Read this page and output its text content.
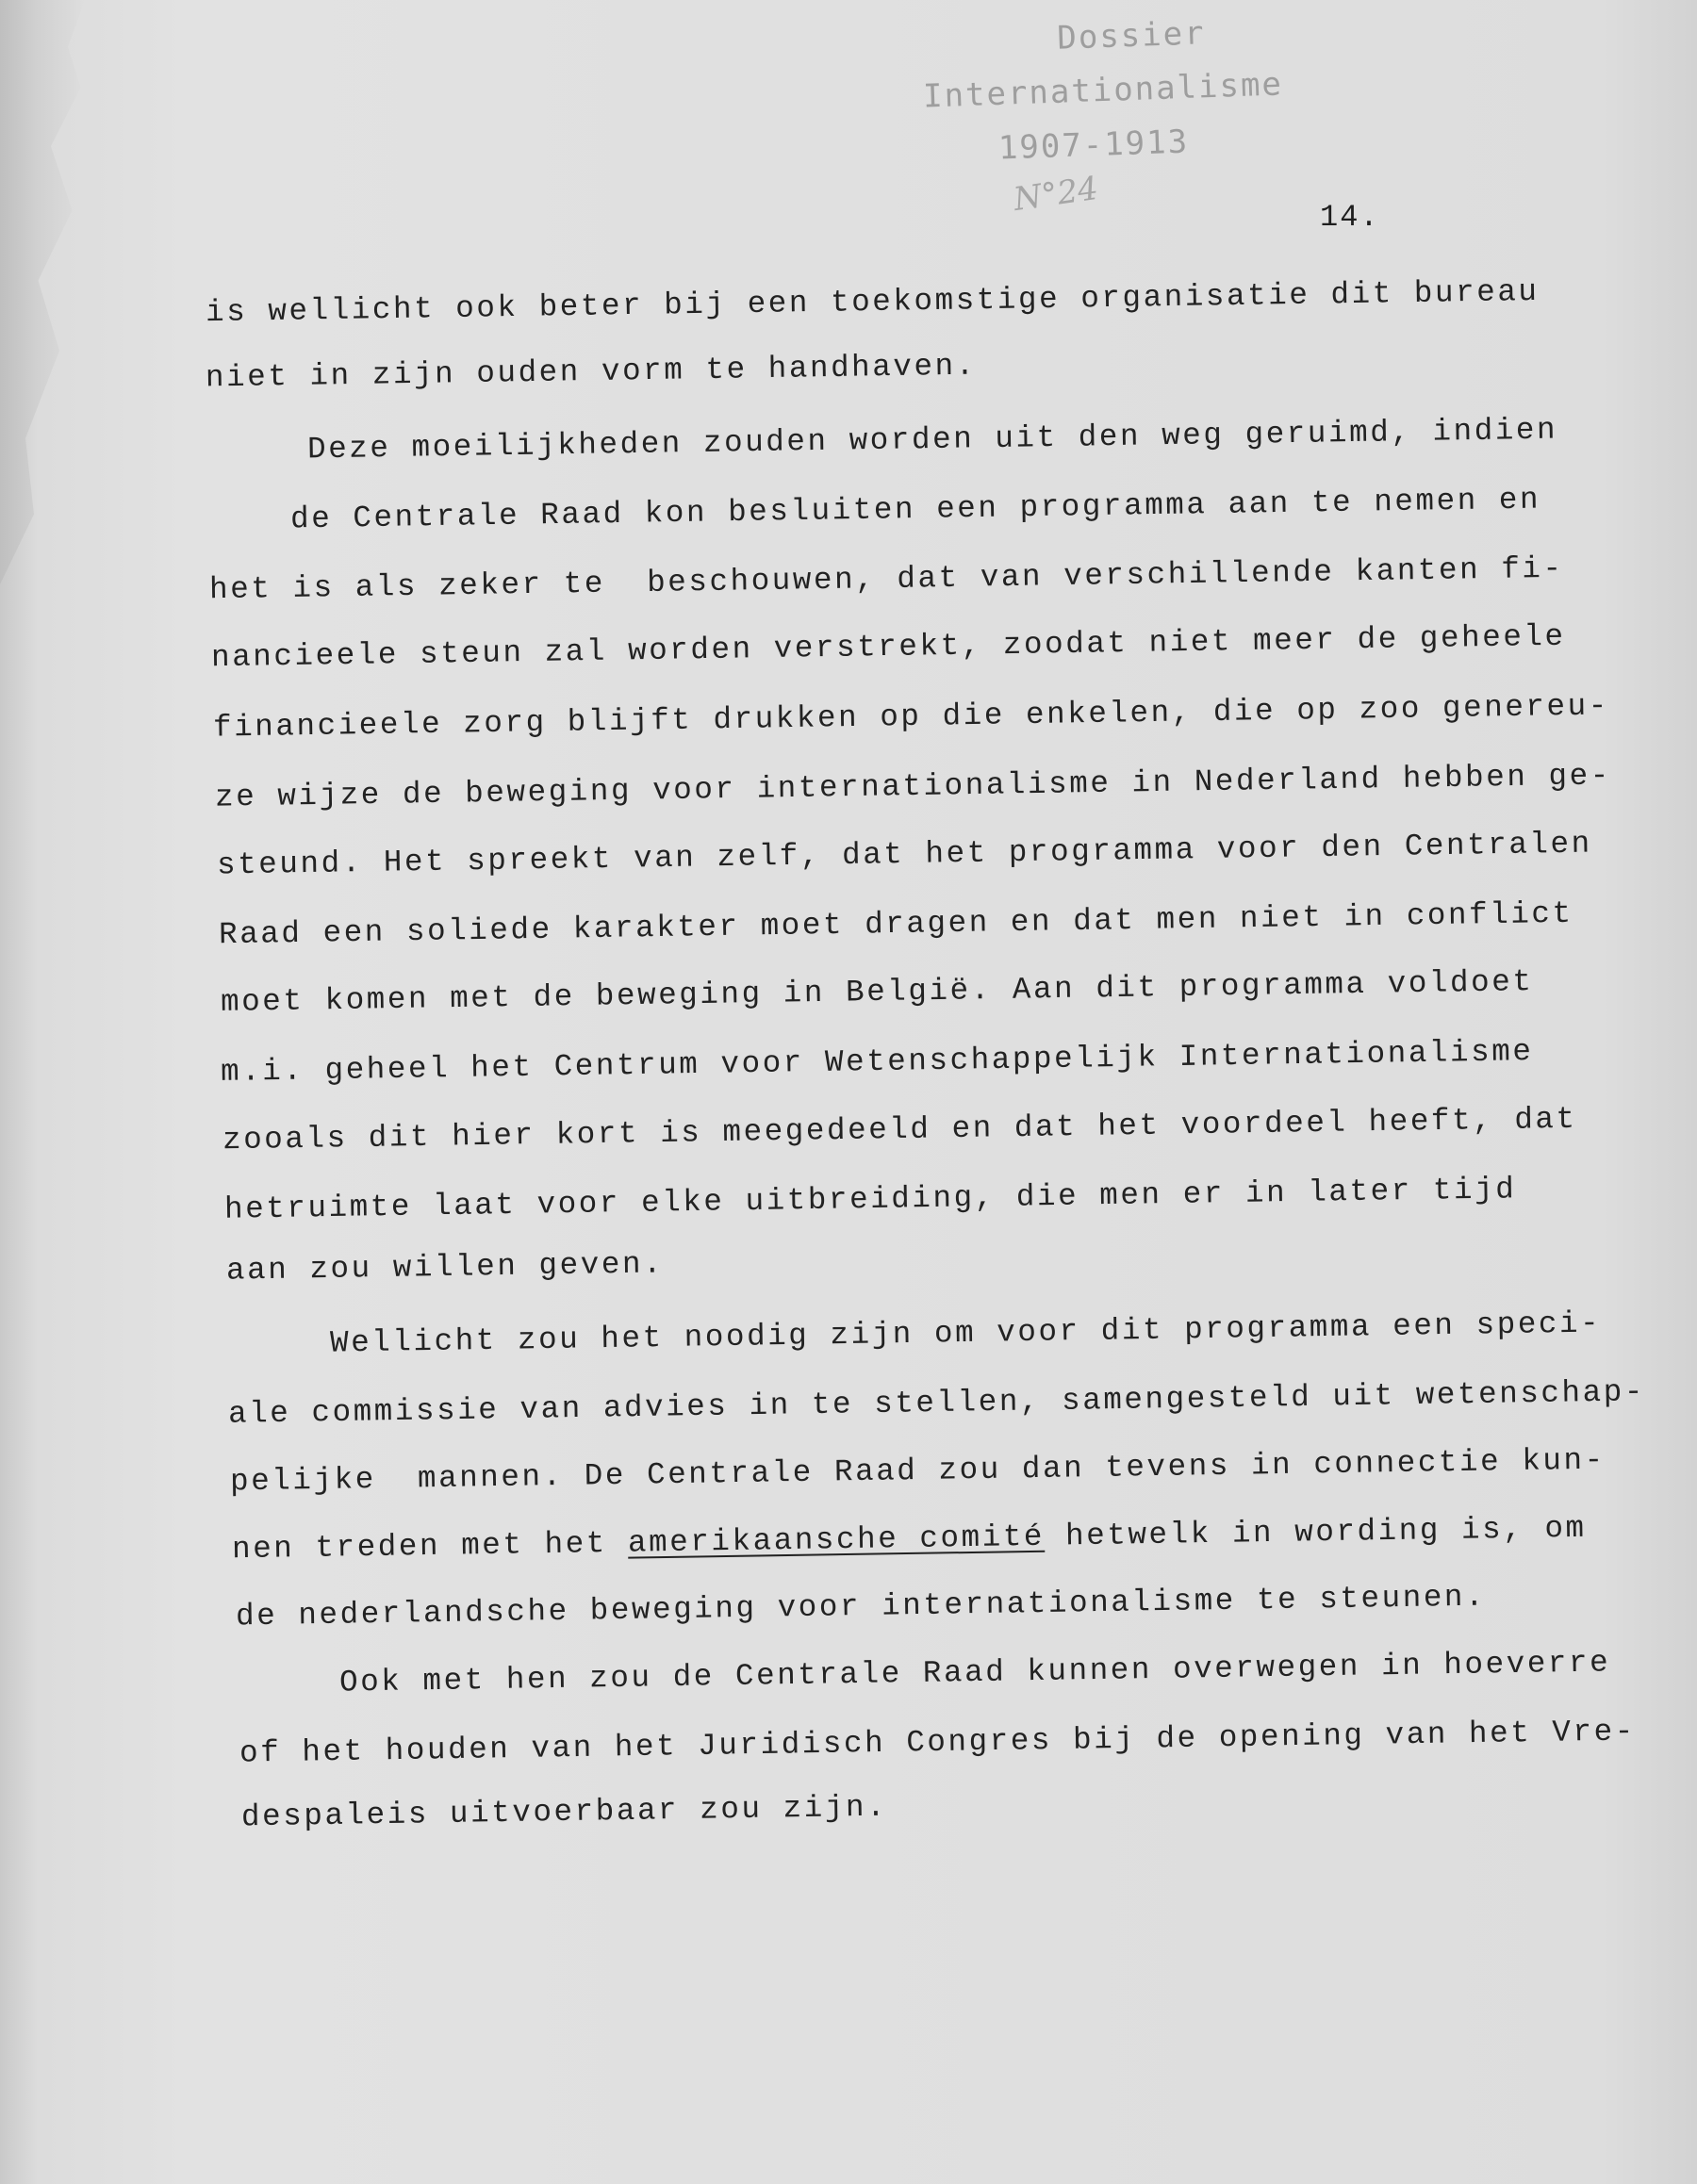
Dossier
Internationalisme
1907-1913
N°24	14.
is wellicht ook beter bij een toekomstige organisatie dit bureau
niet in zijn ouden vorm te handhaven.
Deze moeilijkheden zouden worden uit den weg geruimd, indien
de Centrale Raad kon besluiten een programma aan te nemen en
het is als zeker te  beschouwen, dat van verschillende kanten fi-
nancieele steun zal worden verstrekt, zoodat niet meer de geheele
financieele zorg blijft drukken op die enkelen, die op zoo genereu-
ze wijze de beweging voor internationalisme in Nederland hebben ge-
steund. Het spreekt van zelf, dat het programma voor den Centralen
Raad een soliede karakter moet dragen en dat men niet in conflict
moet komen met de beweging in België. Aan dit programma voldoet
m.i. geheel het Centrum voor Wetenschappelijk Internationalisme
zooals dit hier kort is meegedeeld en dat het voordeel heeft, dat
hetruimte laat voor elke uitbreiding, die men er in later tijd
aan zou willen geven.
Wellicht zou het noodig zijn om voor dit programma een speci-
ale commissie van advies in te stellen, samengesteld uit wetenschap-
pelijke  mannen. De Centrale Raad zou dan tevens in connectie kun-
nen treden met het amerikaansche comité hetwelk in wording is, om
de nederlandsche beweging voor internationalisme te steunen.
Ook met hen zou de Centrale Raad kunnen overwegen in hoeverre
of het houden van het Juridisch Congres bij de opening van het Vre-
despaleis uitvoerbaar zou zijn.
